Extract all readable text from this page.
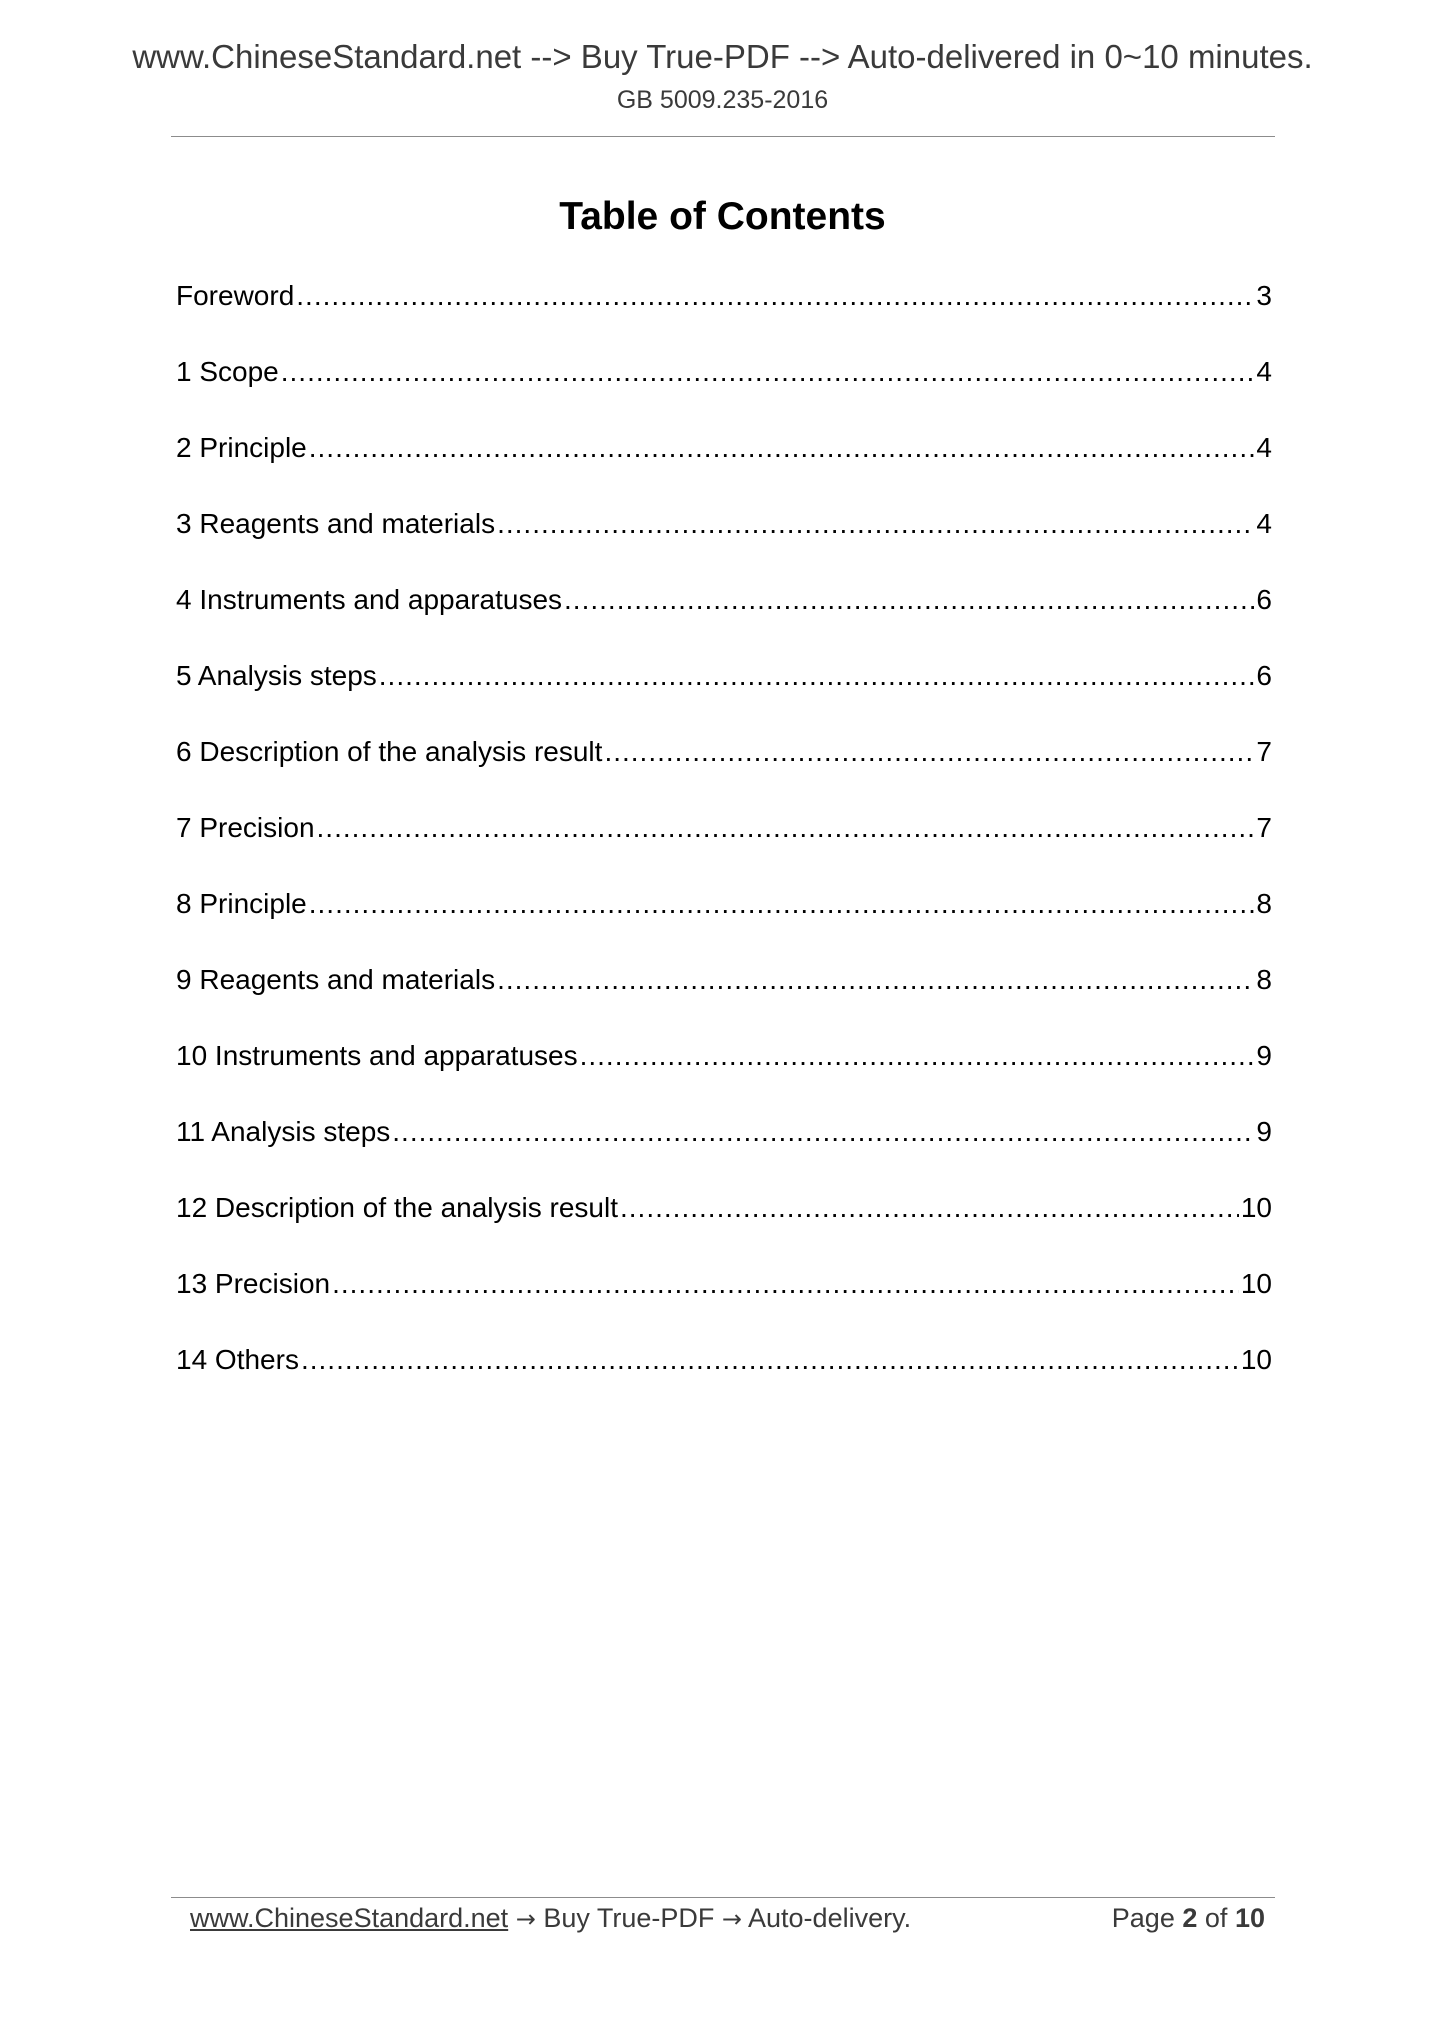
www.ChineseStandard.net --> Buy True-PDF --> Auto-delivered in 0~10 minutes.
GB 5009.235-2016
Table of Contents
Foreword .....	3
1 Scope .....	4
2 Principle .....	4
3 Reagents and materials .....	4
4 Instruments and apparatuses .....	6
5 Analysis steps .....	6
6 Description of the analysis result .....	7
7 Precision .....	7
8 Principle .....	8
9 Reagents and materials .....	8
10 Instruments and apparatuses .....	9
11 Analysis steps .....	9
12 Description of the analysis result .....	10
13 Precision .....	10
14 Others .....	10
www.ChineseStandard.net → Buy True-PDF → Auto-delivery.	Page 2 of 10
